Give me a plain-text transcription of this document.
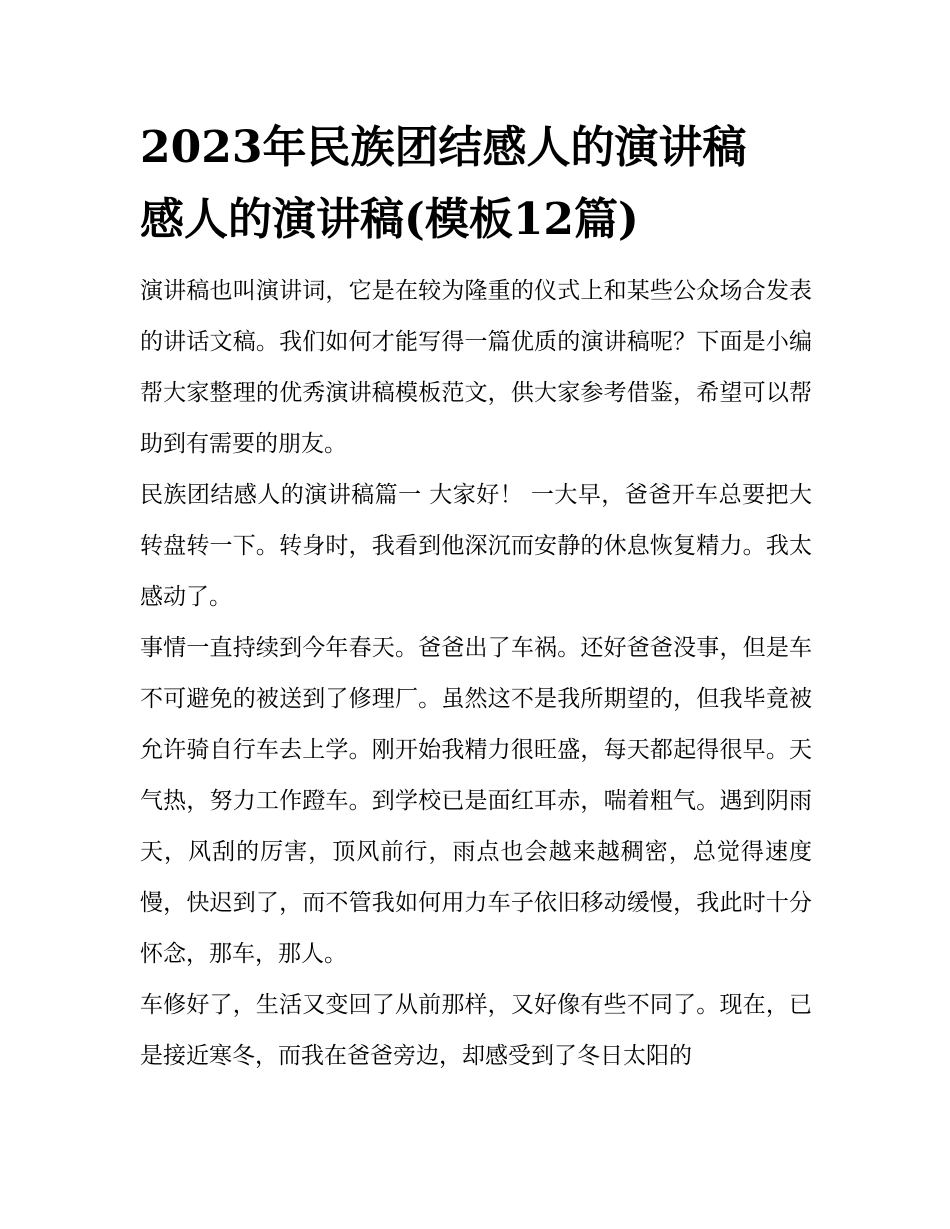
2023年民族团结感人的演讲稿
感人的演讲稿(模板12篇)

演讲稿也叫演讲词，它是在较为隆重的仪式上和某些公众场合发表的讲话文稿。我们如何才能写得一篇优质的演讲稿呢？下面是小编帮大家整理的优秀演讲稿模板范文，供大家参考借鉴，希望可以帮助到有需要的朋友。

民族团结感人的演讲稿篇一 大家好！ 一大早，爸爸开车总要把大转盘转一下。转身时，我看到他深沉而安静的休息恢复精力。我太感动了。

事情一直持续到今年春天。爸爸出了车祸。还好爸爸没事，但是车不可避免的被送到了修理厂。虽然这不是我所期望的，但我毕竟被允许骑自行车去上学。刚开始我精力很旺盛，每天都起得很早。天气热，努力工作蹬车。到学校已是面红耳赤，喘着粗气。遇到阴雨天，风刮的厉害，顶风前行，雨点也会越来越稠密，总觉得速度慢，快迟到了，而不管我如何用力车子依旧移动缓慢，我此时十分怀念，那车，那人。

车修好了，生活又变回了从前那样，又好像有些不同了。现在，已是接近寒冬，而我在爸爸旁边，却感受到了冬日太阳的
